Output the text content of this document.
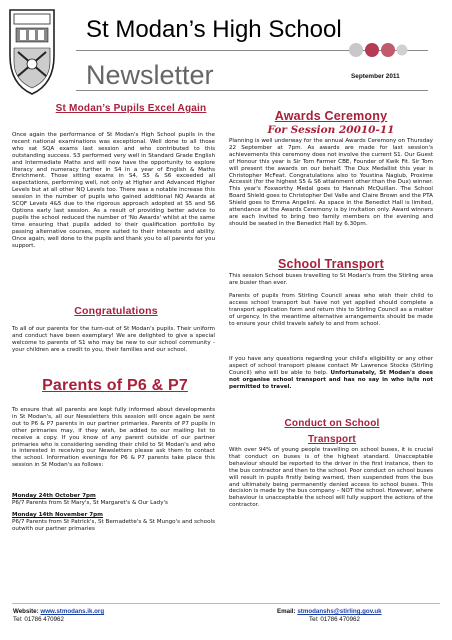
St Modan’s High School
Newsletter	September 2011
St Modan’s Pupils Excel Again
Once again the performance of St Modan's High School pupils in the recent national examinations was exceptional. Well done to all those who sat SQA exams last session and who contributed to this outstanding success. S3 performed very well in Standard Grade English and Intermediate Maths and will now have the opportunity to explore literacy and numeracy further in S4 in a year of English & Maths Enrichment. Those sitting exams in S4, S5 & S6 exceeded all expectations, performing well, not only at Higher and Advanced Higher Levels but at all other NQ Levels too. There was a notable increase this session in the number of pupils who gained additional NQ Awards at SCQF Levels 4&5 due to the rigorous approach adopted at S5 and S6 Options early last session. As a result of providing better advice to pupils the school reduced the number of 'No Awards' whilst at the same time ensuring that pupils added to their qualification portfolio by passing alternative courses, more suited to their interests and ability. Once again, well done to the pupils and thank you to all parents for you support.
Congratulations
To all of our parents for the turn-out of St Modan's pupils. Their uniform and conduct have been exemplary! We are delighted to give a special welcome to parents of S1 who may be new to our school community - your children are a credit to you, their families and our school.
Parents of P6 & P7
To ensure that all parents are kept fully informed about developments in St Modan's, all our Newsletters this session will once again be sent out to P6 & P7 parents in our partner primaries. Parents of P7 pupils in other primaries may, if they wish, be added to our mailing list to receive a copy. If you know of any parent outside of our partner primaries who is considering sending their child to St Modan's and who is interested in receiving our Newsletters please ask them to contact the school. Information evenings for P6 & P7 parents take place this session in St Modan's as follows:
Monday 24th October 7pm
P6/7 Parents from St Mary's, St Margaret's & Our Lady's
Monday 14th November 7pm
P6/7 Parents from St Patrick's, St Bernadette's & St Mungo's and schools outwith our partner primaries
Awards Ceremony
For Session 20010-11
Planning is well underway for the annual Awards Ceremony on Thursday 22 September at 7pm. As awards are made for last session's achievements this ceremony does not involve the current S1. Our Guest of Honour this year is Sir Tom Farmer CBE, Founder of Kwik Fit. Sir Tom will present the awards on our behalf. The Dux Medallist this year is Christopher McFeat. Congratulations also to Youstina Nagiub, Proxime Accessit (for the highest S5 & S6 attainment other than the Dux) winner. This year's Foxworthy Medal goes to Hannah McQuillan. The School Board Shield goes to Christopher Del Valle and Claire Brown and the PTA Shield goes to Emma Angelini. As space in the Benedict Hall is limited, attendance at the Awards Ceremony is by invitation only. Award winners are each invited to bring two family members on the evening and should be seated in the Benedict Hall by 6.30pm.
School Transport
This session School buses travelling to St Modan's from the Stirling area are busier than ever.
Parents of pupils from Stirling Council areas who wish their child to access school transport but have not yet applied should complete a transport application form and return this to Stirling Council as a matter of urgency. In the meantime alternative arrangements should be made to ensure your child travels safely to and from school.
If you have any questions regarding your child's eligibility or any other aspect of school transport please contact Mr Lawrence Stocks (Stirling Council) who will be able to help. Unfortunately, St Modan's does not organise school transport and has no say in who is/is not permitted to travel.
Conduct on School Transport
With over 94% of young people travelling on school buses, it is crucial that conduct on buses is of the highest standard. Unacceptable behaviour should be reported to the driver in the first instance, then to the bus contractor and then to the school. Poor conduct on school buses will result in pupils firstly being warned, then suspended from the bus and ultimately being permanently denied access to school buses. This decision is made by the bus company – NOT the school. However, where behaviour is unacceptable the school will fully support the actions of the contractor.
Website: www.stmodans.ik.org
Tel: 01786 470962
Email: stmodanshs@stirling.gov.uk
Tel: 01786 470962
